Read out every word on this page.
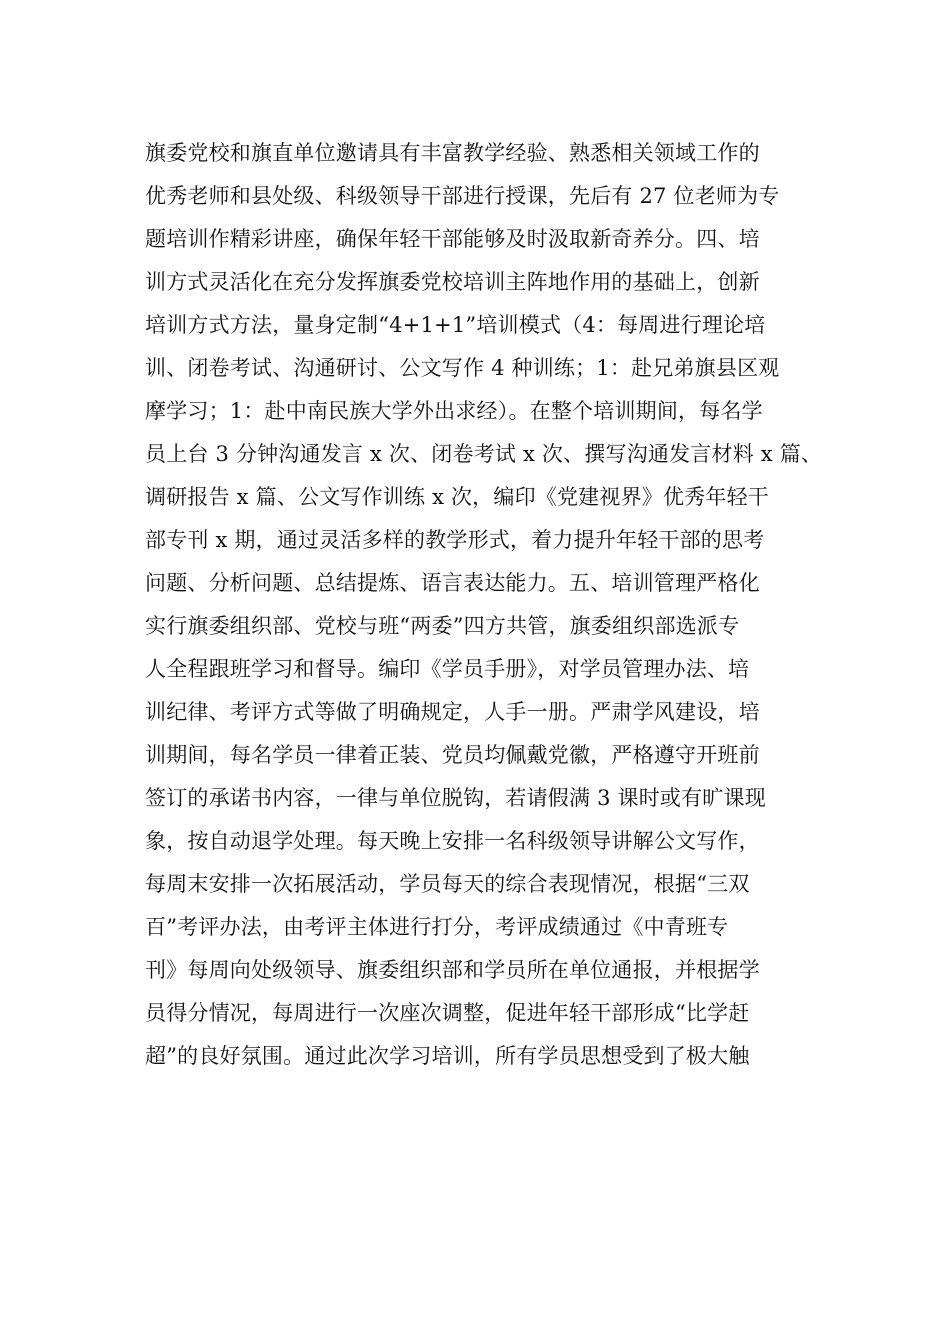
旗委党校和旗直单位邀请具有丰富教学经验、熟悉相关领域工作的
优秀老师和县处级、科级领导干部进行授课，先后有 27 位老师为专
题培训作精彩讲座，确保年轻干部能够及时汲取新奇养分。四、培
训方式灵活化在充分发挥旗委党校培训主阵地作用的基础上，创新
培训方式方法，量身定制“4+1+1”培训模式（4：每周进行理论培
训、闭卷考试、沟通研讨、公文写作 4 种训练；1：赴兄弟旗县区观
摩学习；1：赴中南民族大学外出求经）。在整个培训期间，每名学
员上台 3 分钟沟通发言 x 次、闭卷考试 x 次、撰写沟通发言材料 x 篇、
调研报告 x 篇、公文写作训练 x 次，编印《党建视界》优秀年轻干
部专刊 x 期，通过灵活多样的教学形式，着力提升年轻干部的思考
问题、分析问题、总结提炼、语言表达能力。五、培训管理严格化
实行旗委组织部、党校与班“两委”四方共管，旗委组织部选派专
人全程跟班学习和督导。编印《学员手册》，对学员管理办法、培
训纪律、考评方式等做了明确规定，人手一册。严肃学风建设，培
训期间，每名学员一律着正装、党员均佩戴党徽，严格遵守开班前
签订的承诺书内容，一律与单位脱钩，若请假满 3 课时或有旷课现
象，按自动退学处理。每天晚上安排一名科级领导讲解公文写作，
每周末安排一次拓展活动，学员每天的综合表现情况，根据“三双
百”考评办法，由考评主体进行打分，考评成绩通过《中青班专
刊》每周向处级领导、旗委组织部和学员所在单位通报，并根据学
员得分情况，每周进行一次座次调整，促进年轻干部形成“比学赶
超”的良好氛围。通过此次学习培训，所有学员思想受到了极大触
